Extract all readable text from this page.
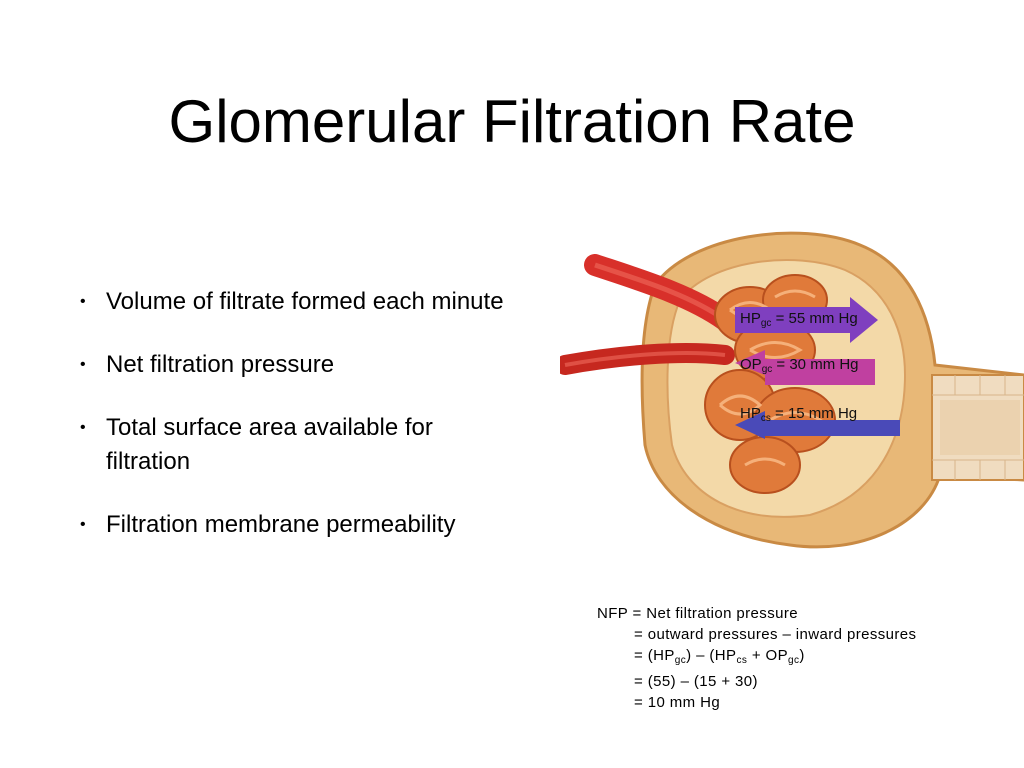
Glomerular Filtration Rate
• Volume of filtrate formed each minute
• Net filtration pressure
• Total surface area available for filtration
• Filtration membrane permeability
$HP_{gc} = 55$ mm Hg
$OP_{gc} = 30$ mm Hg
$HP_{cs} = 15$ mm Hg
NFP = Net filtration pressure
= outward pressures – inward pressures
= $(HP_{gc}) - (HP_{cs} + OP_{gc})$
= (55) – (15 + 30)
= 10 mm Hg
